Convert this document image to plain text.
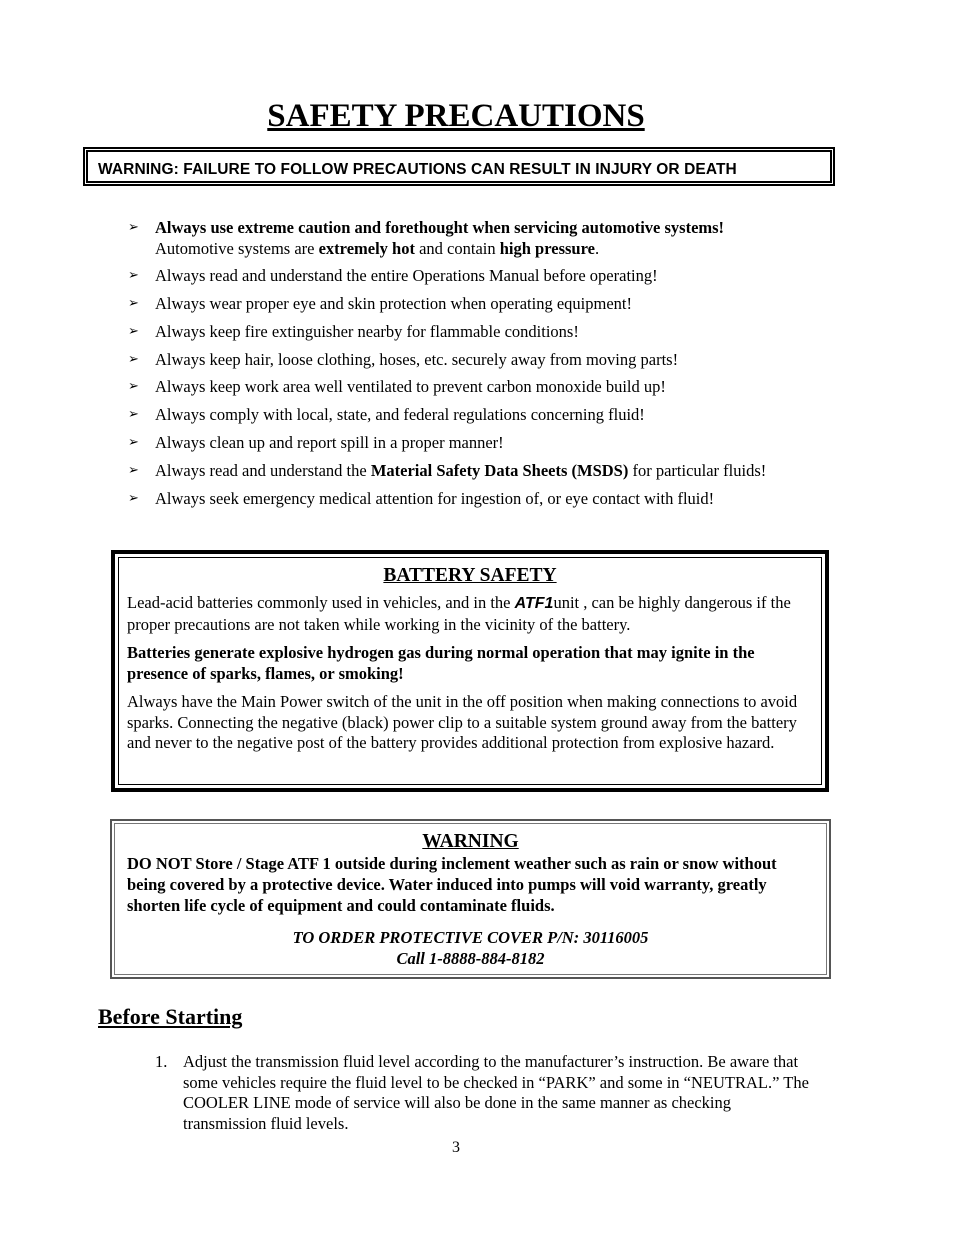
SAFETY PRECAUTIONS
WARNING: FAILURE TO FOLLOW PRECAUTIONS CAN RESULT IN INJURY OR DEATH
➢ Always use extreme caution and forethought when servicing automotive systems!
Automotive systems are extremely hot and contain high pressure.
➢ Always read and understand the entire Operations Manual before operating!
➢ Always wear proper eye and skin protection when operating equipment!
➢ Always keep fire extinguisher nearby for flammable conditions!
➢ Always keep hair, loose clothing, hoses, etc. securely away from moving parts!
➢ Always keep work area well ventilated to prevent carbon monoxide build up!
➢ Always comply with local, state, and federal regulations concerning fluid!
➢ Always clean up and report spill in a proper manner!
➢ Always read and understand the Material Safety Data Sheets (MSDS) for particular fluids!
➢ Always seek emergency medical attention for ingestion of, or eye contact with fluid!
BATTERY SAFETY

Lead-acid batteries commonly used in vehicles, and in the ATF1unit , can be highly dangerous if the proper precautions are not taken while working in the vicinity of the battery.

Batteries generate explosive hydrogen gas during normal operation that may ignite in the presence of sparks, flames, or smoking!

Always have the Main Power switch of the unit in the off position when making connections to avoid sparks. Connecting the negative (black) power clip to a suitable system ground away from the battery and never to the negative post of the battery provides additional protection from explosive hazard.

WARNING

DO NOT Store / Stage ATF 1 outside during inclement weather such as rain or snow without being covered by a protective device. Water induced into pumps will void warranty, greatly shorten life cycle of equipment and could contaminate fluids.

TO ORDER PROTECTIVE COVER P/N: 30116005
Call 1-8888-884-8182

Before Starting
1. Adjust the transmission fluid level according to the manufacturer’s instruction. Be aware that some vehicles require the fluid level to be checked in “PARK” and some in “NEUTRAL.” The COOLER LINE mode of service will also be done in the same manner as checking transmission fluid levels.

3
